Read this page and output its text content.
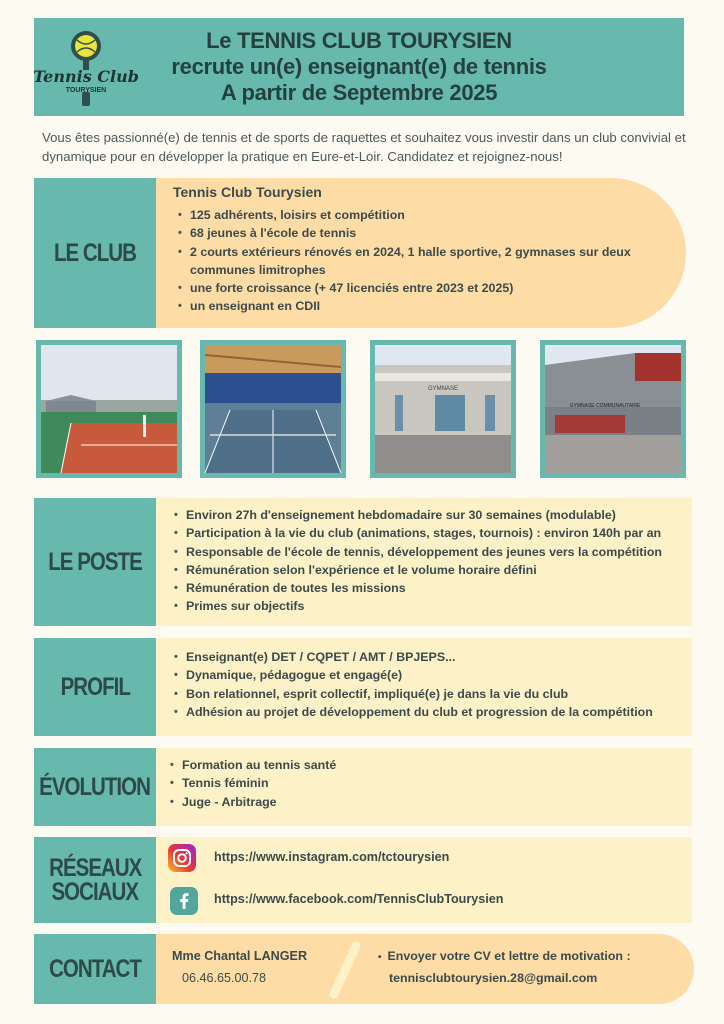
Tennis Club
TOURYSIEN
Le TENNIS CLUB TOURYSIEN
recrute un(e) enseignant(e) de tennis
A partir de Septembre 2025
Vous êtes passionné(e) de tennis et de sports de raquettes et souhaitez vous investir dans un club convivial et dynamique pour en développer la pratique en Eure-et-Loir. Candidatez et rejoignez-nous!
LE CLUB
Tennis Club Tourysien
• 125 adhérents, loisirs et compétition
• 68 jeunes à l'école de tennis
• 2 courts extérieurs rénovés en 2024, 1 halle sportive, 2 gymnases sur deux communes limitrophes
• une forte croissance (+ 47 licenciés entre 2023 et 2025)
• un enseignant en CDII
GYMNASE
GYMNASE COMMUNAUTAIRE
LE POSTE
• Environ 27h d'enseignement hebdomadaire sur 30 semaines (modulable)
• Participation à la vie du club (animations, stages, tournois) : environ 140h par an
• Responsable de l'école de tennis, développement des jeunes vers la compétition
• Rémunération selon l'expérience et le volume horaire défini
• Rémunération de toutes les missions
• Primes sur objectifs
PROFIL
• Enseignant(e) DET / CQPET / AMT / BPJEPS...
• Dynamique, pédagogue et engagé(e)
• Bon relationnel, esprit collectif, impliqué(e) je dans la vie du club
• Adhésion au projet de développement du club et progression de la compétition
ÉVOLUTION
• Formation au tennis santé
• Tennis féminin
• Juge - Arbitrage
RÉSEAUX
SOCIAUX
https://www.instagram.com/tctourysien
https://www.facebook.com/TennisClubTourysien
CONTACT Mme Chantal LANGER
06.46.65.00.78
• Envoyer votre CV et lettre de motivation :
tennisclubtourysien.28@gmail.com
